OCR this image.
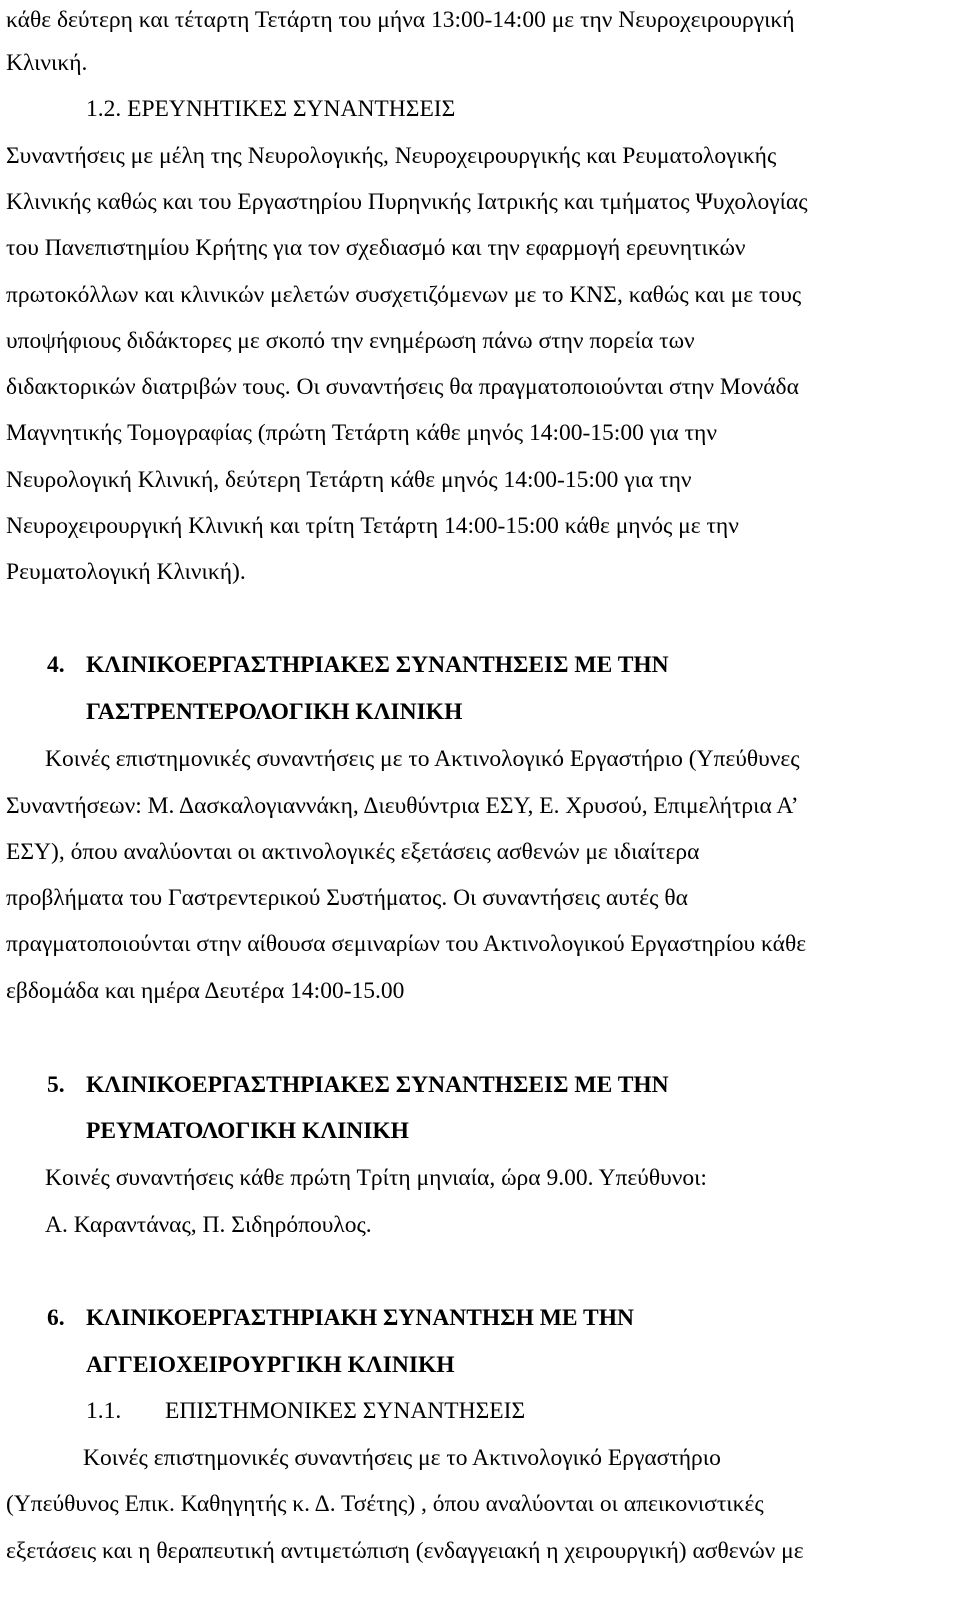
κάθε δεύτερη και τέταρτη Τετάρτη του μήνα 13:00-14:00 με την Νευροχειρουργική
Κλινική.
1.2. ΕΡΕΥΝΗΤΙΚΕΣ ΣΥΝΑΝΤΗΣΕΙΣ
Συναντήσεις με μέλη της Νευρολογικής, Νευροχειρουργικής και Ρευματολογικής
Κλινικής καθώς και του Εργαστηρίου Πυρηνικής Ιατρικής και τμήματος Ψυχολογίας
του Πανεπιστημίου Κρήτης για τον σχεδιασμό και την εφαρμογή ερευνητικών
πρωτοκόλλων και κλινικών μελετών συσχετιζόμενων με το ΚΝΣ, καθώς και με τους
υποψήφιους διδάκτορες με σκοπό την ενημέρωση πάνω στην πορεία των
διδακτορικών διατριβών τους. Οι συναντήσεις θα πραγματοποιούνται στην Μονάδα
Μαγνητικής Τομογραφίας (πρώτη Τετάρτη κάθε μηνός 14:00-15:00 για την
Νευρολογική Κλινική, δεύτερη Τετάρτη κάθε μηνός 14:00-15:00 για την
Νευροχειρουργική Κλινική και τρίτη Τετάρτη 14:00-15:00 κάθε μηνός με την
Ρευματολογική Κλινική).
4. ΚΛΙΝΙΚΟΕΡΓΑΣΤΗΡΙΑΚΕΣ ΣΥΝΑΝΤΗΣΕΙΣ ΜΕ ΤΗΝ
ΓΑΣΤΡΕΝΤΕΡΟΛΟΓΙΚΗ ΚΛΙΝΙΚΗ
Κοινές επιστημονικές συναντήσεις με το Ακτινολογικό Εργαστήριο (Υπεύθυνες
Συναντήσεων: Μ. Δασκαλογιαννάκη, Διευθύντρια ΕΣΥ, Ε. Χρυσού, Επιμελήτρια Α’
ΕΣΥ), όπου αναλύονται οι ακτινολογικές εξετάσεις ασθενών με ιδιαίτερα
προβλήματα του Γαστρεντερικού Συστήματος. Οι συναντήσεις αυτές θα
πραγματοποιούνται στην αίθουσα σεμιναρίων του Ακτινολογικού Εργαστηρίου κάθε
εβδομάδα και ημέρα Δευτέρα 14:00-15.00
5. ΚΛΙΝΙΚΟΕΡΓΑΣΤΗΡΙΑΚΕΣ ΣΥΝΑΝΤΗΣΕΙΣ ΜΕ ΤΗΝ
ΡΕΥΜΑΤΟΛΟΓΙΚΗ ΚΛΙΝΙΚΗ
Κοινές συναντήσεις κάθε πρώτη Τρίτη μηνιαία, ώρα 9.00. Υπεύθυνοι:
Α. Καραντάνας, Π. Σιδηρόπουλος.
6. ΚΛΙΝΙΚΟΕΡΓΑΣΤΗΡΙΑΚΗ ΣΥΝΑΝΤΗΣΗ ΜΕ ΤΗΝ
ΑΓΓΕΙΟΧΕΙΡΟΥΡΓΙΚΗ ΚΛΙΝΙΚΗ
1.1. ΕΠΙΣΤΗΜΟΝΙΚΕΣ ΣΥΝΑΝΤΗΣΕΙΣ
Κοινές επιστημονικές συναντήσεις με το Ακτινολογικό Εργαστήριο
(Υπεύθυνος Επικ. Καθηγητής κ. Δ. Τσέτης) , όπου αναλύονται οι απεικονιστικές
εξετάσεις και η θεραπευτική αντιμετώπιση (ενδαγγειακή η χειρουργική) ασθενών με
